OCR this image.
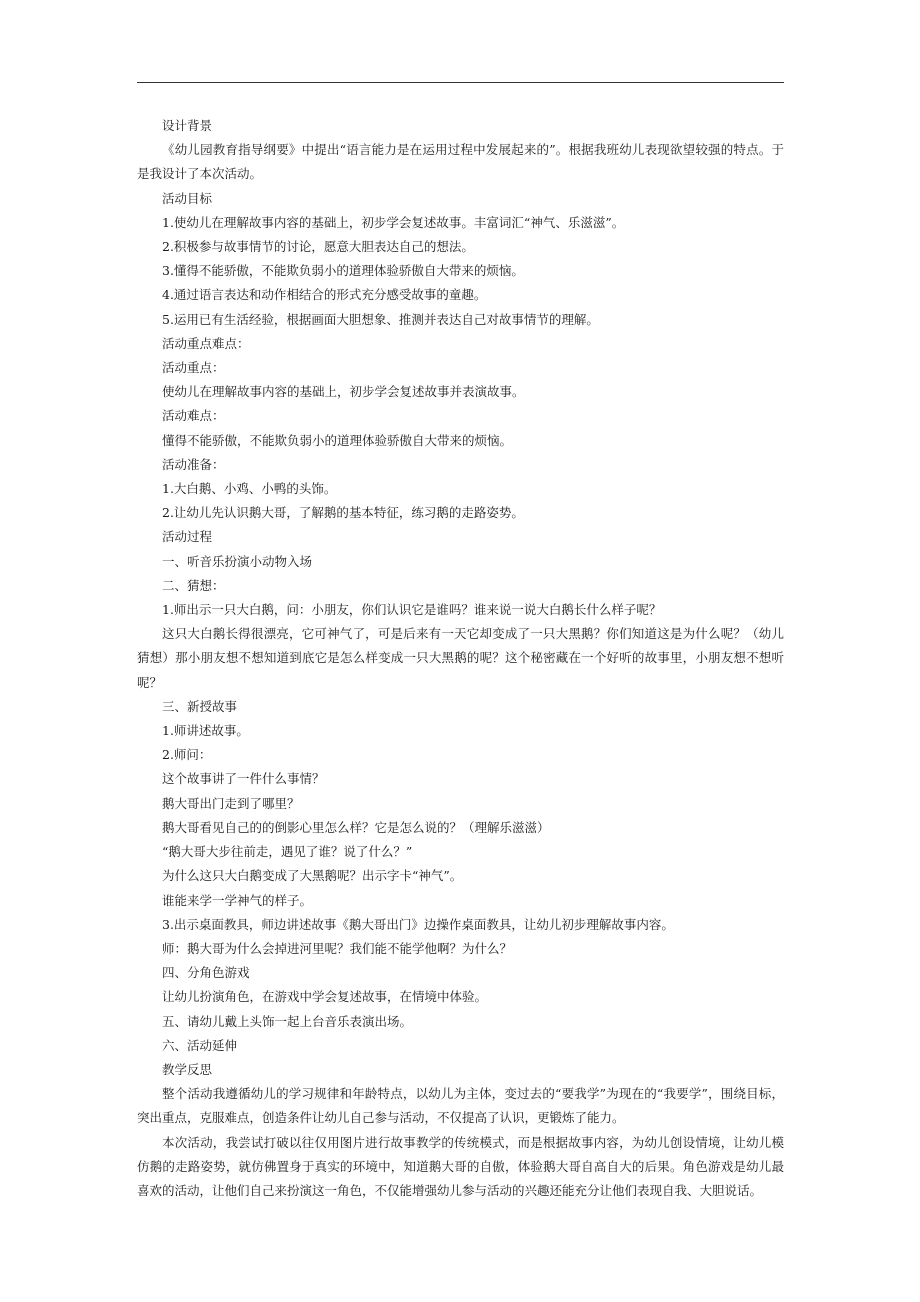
设计背景

《幼儿园教育指导纲要》中提出“语言能力是在运用过程中发展起来的”。根据我班幼儿表现欲望较强的特点。于是我设计了本次活动。

活动目标

1.使幼儿在理解故事内容的基础上，初步学会复述故事。丰富词汇“神气、乐滋滋”。

2.积极参与故事情节的讨论，愿意大胆表达自己的想法。

3.懂得不能骄傲，不能欺负弱小的道理体验骄傲自大带来的烦恼。

4.通过语言表达和动作相结合的形式充分感受故事的童趣。

5.运用已有生活经验，根据画面大胆想象、推测并表达自己对故事情节的理解。

活动重点难点：

活动重点：

使幼儿在理解故事内容的基础上，初步学会复述故事并表演故事。

活动难点：

懂得不能骄傲，不能欺负弱小的道理体验骄傲自大带来的烦恼。

活动准备：

1.大白鹅、小鸡、小鸭的头饰。

2.让幼儿先认识鹅大哥，了解鹅的基本特征，练习鹅的走路姿势。

活动过程

一、听音乐扮演小动物入场

二、猜想：

1.师出示一只大白鹅，问：小朋友，你们认识它是谁吗？谁来说一说大白鹅长什么样子呢？

这只大白鹅长得很漂亮，它可神气了，可是后来有一天它却变成了一只大黑鹅？你们知道这是为什么呢？（幼儿猜想）那小朋友想不想知道到底它是怎么样变成一只大黑鹅的呢？这个秘密藏在一个好听的故事里，小朋友想不想听呢？

三、新授故事

1.师讲述故事。

2.师问：

这个故事讲了一件什么事情？

鹅大哥出门走到了哪里？

鹅大哥看见自己的的倒影心里怎么样？它是怎么说的？（理解乐滋滋）

“鹅大哥大步往前走，遇见了谁？说了什么？”

为什么这只大白鹅变成了大黑鹅呢？出示字卡“神气”。

谁能来学一学神气的样子。

3.出示桌面教具，师边讲述故事《鹅大哥出门》边操作桌面教具，让幼儿初步理解故事内容。

师：鹅大哥为什么会掉进河里呢？我们能不能学他啊？为什么？

四、分角色游戏

让幼儿扮演角色，在游戏中学会复述故事，在情境中体验。

五、请幼儿戴上头饰一起上台音乐表演出场。

六、活动延伸

教学反思

整个活动我遵循幼儿的学习规律和年龄特点，以幼儿为主体，变过去的“要我学”为现在的“我要学”，围绕目标，突出重点，克服难点，创造条件让幼儿自己参与活动，不仅提高了认识，更锻炼了能力。

本次活动，我尝试打破以往仅用图片进行故事教学的传统模式，而是根据故事内容，为幼儿创设情境，让幼儿模仿鹅的走路姿势，就仿佛置身于真实的环境中，知道鹅大哥的自傲，体验鹅大哥自高自大的后果。角色游戏是幼儿最喜欢的活动，让他们自己来扮演这一角色，不仅能增强幼儿参与活动的兴趣还能充分让他们表现自我、大胆说话。
